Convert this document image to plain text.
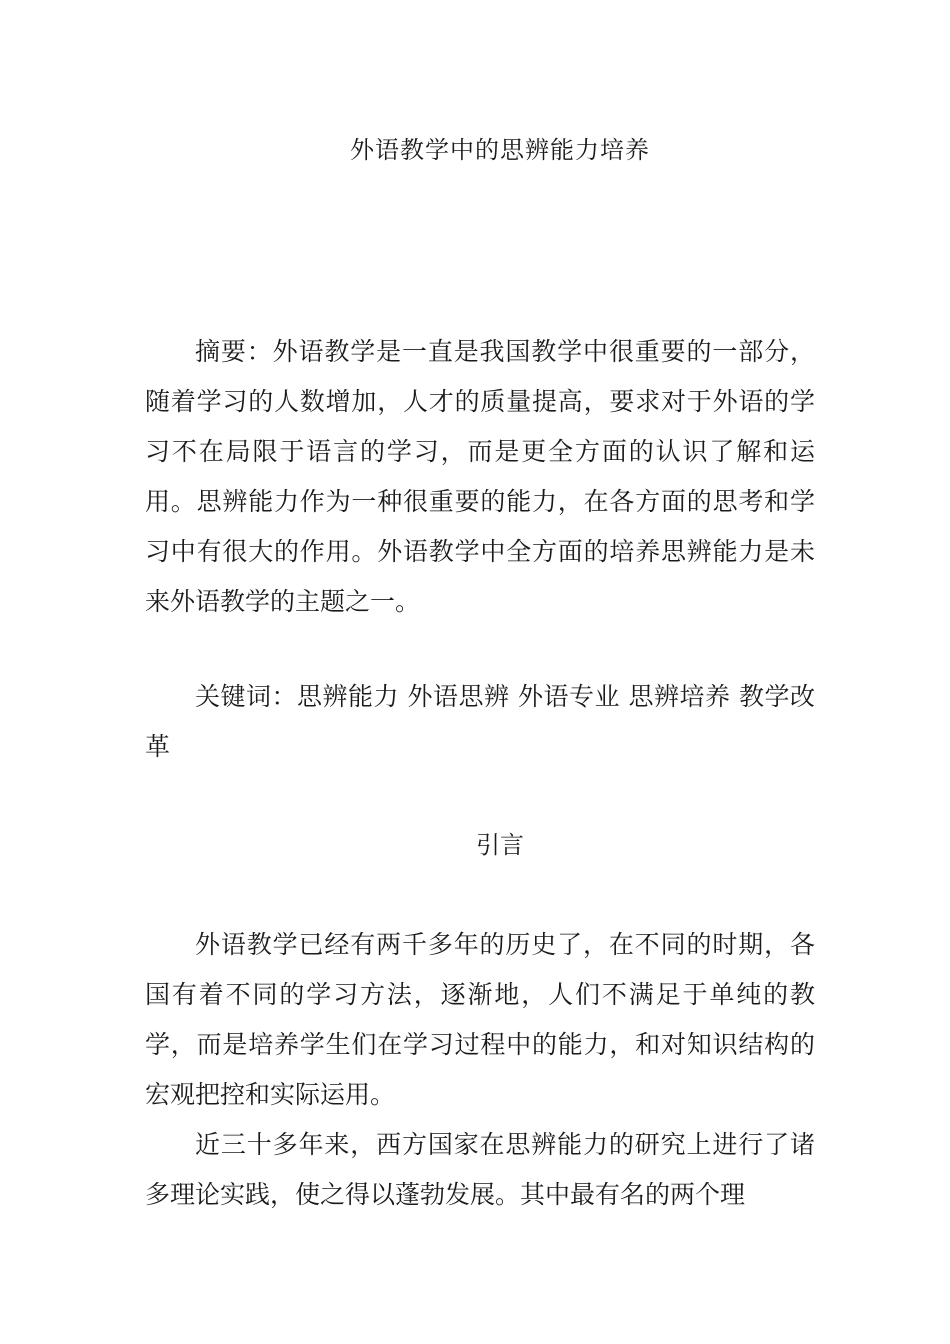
外语教学中的思辨能力培养

摘要：外语教学是一直是我国教学中很重要的一部分，随着学习的人数增加，人才的质量提高，要求对于外语的学习不在局限于语言的学习，而是更全方面的认识了解和运用。思辨能力作为一种很重要的能力，在各方面的思考和学习中有很大的作用。外语教学中全方面的培养思辨能力是未来外语教学的主题之一。

关键词：思辨能力 外语思辨 外语专业 思辨培养 教学改革

引言

外语教学已经有两千多年的历史了，在不同的时期，各国有着不同的学习方法，逐渐地，人们不满足于单纯的教学，而是培养学生们在学习过程中的能力，和对知识结构的宏观把控和实际运用。

近三十多年来，西方国家在思辨能力的研究上进行了诸多理论实践，使之得以蓬勃发展。其中最有名的两个理
